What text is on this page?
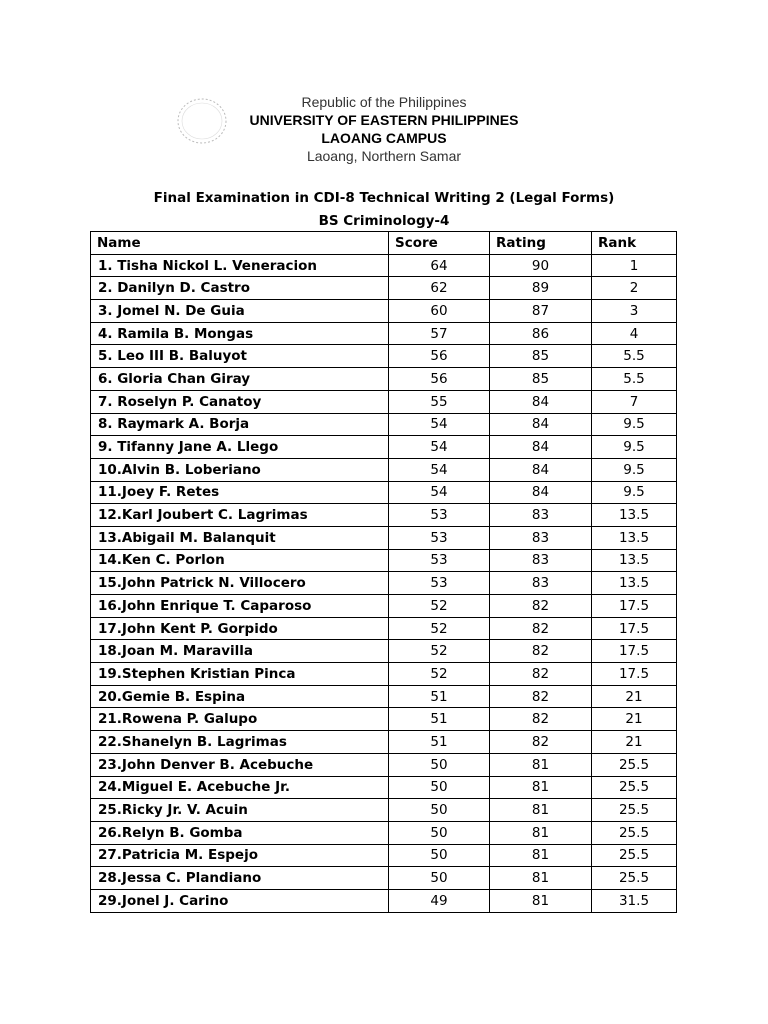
Republic of the Philippines
UNIVERSITY OF EASTERN PHILIPPINES
LAOANG CAMPUS
Laoang, Northern Samar
Final Examination in CDI-8 Technical Writing 2 (Legal Forms)
BS Criminology-4
Name	Score	Rating	Rank
1. Tisha Nickol L. Veneracion	64	90	1
2. Danilyn D. Castro	62	89	2
3. Jomel N. De Guia	60	87	3
4. Ramila B. Mongas	57	86	4
5. Leo III B. Baluyot	56	85	5.5
6. Gloria Chan Giray	56	85	5.5
7. Roselyn P. Canatoy	55	84	7
8. Raymark A. Borja	54	84	9.5
9. Tifanny Jane A. Llego	54	84	9.5
10.Alvin B. Loberiano	54	84	9.5
11.Joey F. Retes	54	84	9.5
12.Karl Joubert C. Lagrimas	53	83	13.5
13.Abigail M. Balanquit	53	83	13.5
14.Ken C. Porlon	53	83	13.5
15.John Patrick N. Villocero	53	83	13.5
16.John Enrique T. Caparoso	52	82	17.5
17.John Kent P. Gorpido	52	82	17.5
18.Joan M. Maravilla	52	82	17.5
19.Stephen Kristian Pinca	52	82	17.5
20.Gemie B. Espina	51	82	21
21.Rowena P. Galupo	51	82	21
22.Shanelyn B. Lagrimas	51	82	21
23.John Denver B. Acebuche	50	81	25.5
24.Miguel E. Acebuche Jr.	50	81	25.5
25.Ricky Jr. V. Acuin	50	81	25.5
26.Relyn B. Gomba	50	81	25.5
27.Patricia M. Espejo	50	81	25.5
28.Jessa C. Plandiano	50	81	25.5
29.Jonel J. Carino	49	81	31.5
